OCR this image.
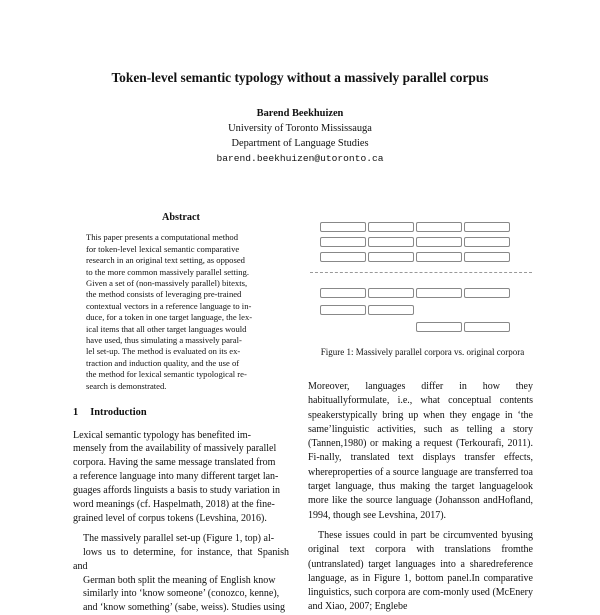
Token-level semantic typology without a massively parallel corpus
Barend Beekhuizen
University of Toronto Mississauga
Department of Language Studies
barend.beekhuizen@utoronto.ca
Abstract
This paper presents a computational method
for token-level lexical semantic comparative
research in an original text setting, as opposed
to the more common massively parallel setting.
Given a set of (non-massively parallel) bitexts,
the method consists of leveraging pre-trained
contextual vectors in a reference language to in-
duce, for a token in one target language, the lex-
ical items that all other target languages would
have used, thus simulating a massively paral-
lel set-up. The method is evaluated on its ex-
traction and induction quality, and the use of
the method for lexical semantic typological re-
search is demonstrated.
1 Introduction
Lexical semantic typology has benefited im-
mensely from the availability of massively parallel
corpora. Having the same message translated from
a reference language into many different target lan-
guages affords linguists a basis to study variation in
word meanings (cf. Haspelmath, 2018) at the fine-
grained level of corpus tokens (Levshina, 2016).
The massively parallel set-up (Figure 1, top) al-
lows us to determine, for instance, that Spanish and
German both split the meaning of English know
similarly into ‘know someone’ (conozco, kenne),
and ‘know something’ (sabe, weiss). Studies using
Figure 1: Massively parallel corpora vs. original corpora
Moreover, languages differ in how they habituallyformulate, i.e., what conceptual contents speakerstypically bring up when they engage in ‘the same’linguistic activities, such as telling a story (Tannen,1980) or making a request (Terkourafi, 2011). Fi-nally, translated text displays transfer effects, whereproperties of a source language are transferred toa target language, thus making the target languagelook more like the source language (Johansson andHofland, 1994, though see Levshina, 2017).
These issues could in part be circumvented byusing original text corpora with translations fromthe (untranslated) target languages into a sharedreference language, as in Figure 1, bottom panel.In comparative linguistics, such corpora are com-monly used (McEnery and Xiao, 2007; Englebe
